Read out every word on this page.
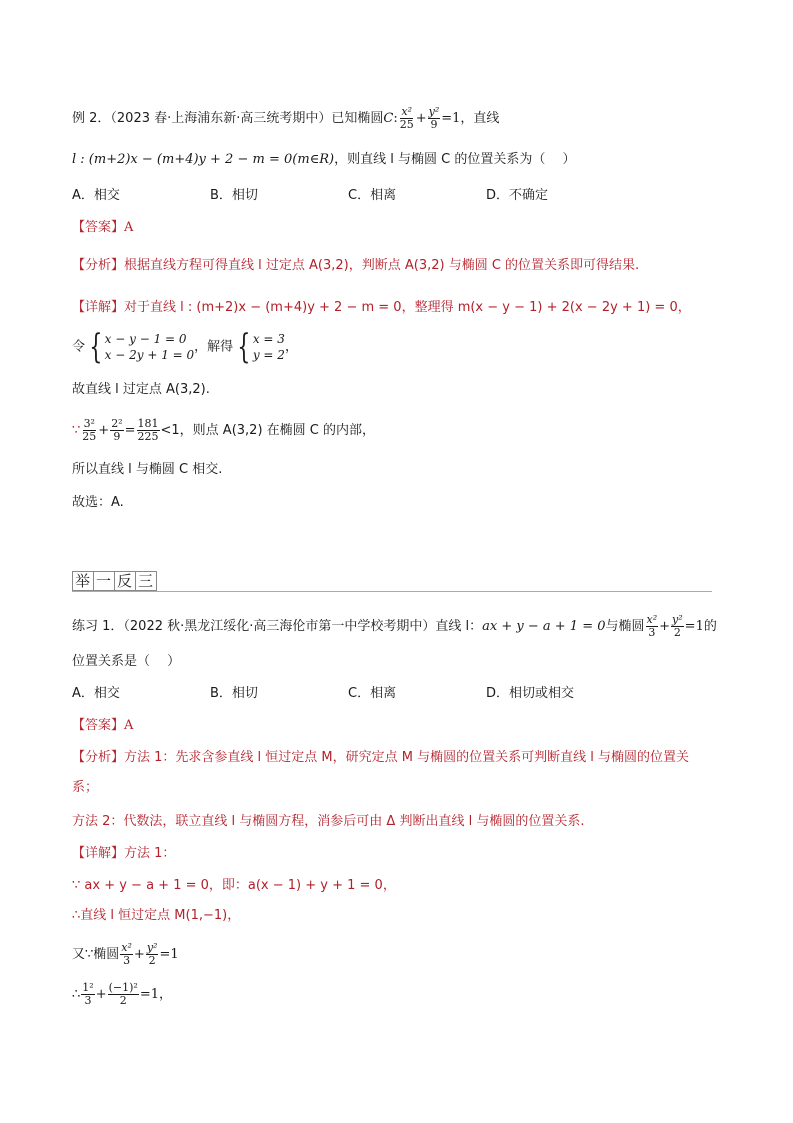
例 2．（2023 春·上海浦东新·高三统考期中）已知椭圆C: $\frac{\text{x²}}{25} + \frac{\text{y²}}{9} =1$，直线
l : (m+2)x − (m+4)y + 2 − m = 0(m∈R)，则直线 l 与椭圆 C 的位置关系为（　 ）
A．相交	B．相切	C．相离	D．不确定
【答案】A
【分析】根据直线方程可得直线 l 过定点 A(3,2)，判断点 A(3,2) 与椭圆 C 的位置关系即可得结果.
【详解】对于直线 l : (m+2)x − (m+4)y + 2 − m = 0，整理得 m(x − y − 1) + 2(x − 2y + 1) = 0，
令 { x − y − 1 = 0
x − 2y + 1 = 0
，解得 { x = 3
y = 2
，
故直线 l 过定点 A(3,2).
∵ $\frac{\text{3²}}{25} + \frac{\text{2²}}{9} = \frac{181}{225} <1$，则点 A(3,2) 在椭圆 C 的内部，
所以直线 l 与椭圆 C 相交.
故选：A.
举 一 反 三
练习 1．（2022 秋·黑龙江绥化·高三海伦市第一中学校考期中）直线 l：ax + y − a + 1 = 0与椭圆 $\frac{\text{x²}}{3} + \frac{\text{y²}}{2} =1$的
位置关系是（　 ）
A．相交	B．相切	C．相离	D．相切或相交
【答案】A
【分析】方法 1：先求含参直线 l 恒过定点 M，研究定点 M 与椭圆的位置关系可判断直线 l 与椭圆的位置关
系；
方法 2：代数法，联立直线 l 与椭圆方程，消参后可由 Δ 判断出直线 l 与椭圆的位置关系.
【详解】方法 1：
∵ ax + y − a + 1 = 0，即：a(x − 1) + y + 1 = 0，
∴直线 l 恒过定点 M(1,−1)，
又∵椭圆 $\frac{\text{x²}}{3} + \frac{\text{y²}}{2} =1$
∴ $\frac{\text{1²}}{3} + \frac{\text{(−1)²}}{2} =1$，
